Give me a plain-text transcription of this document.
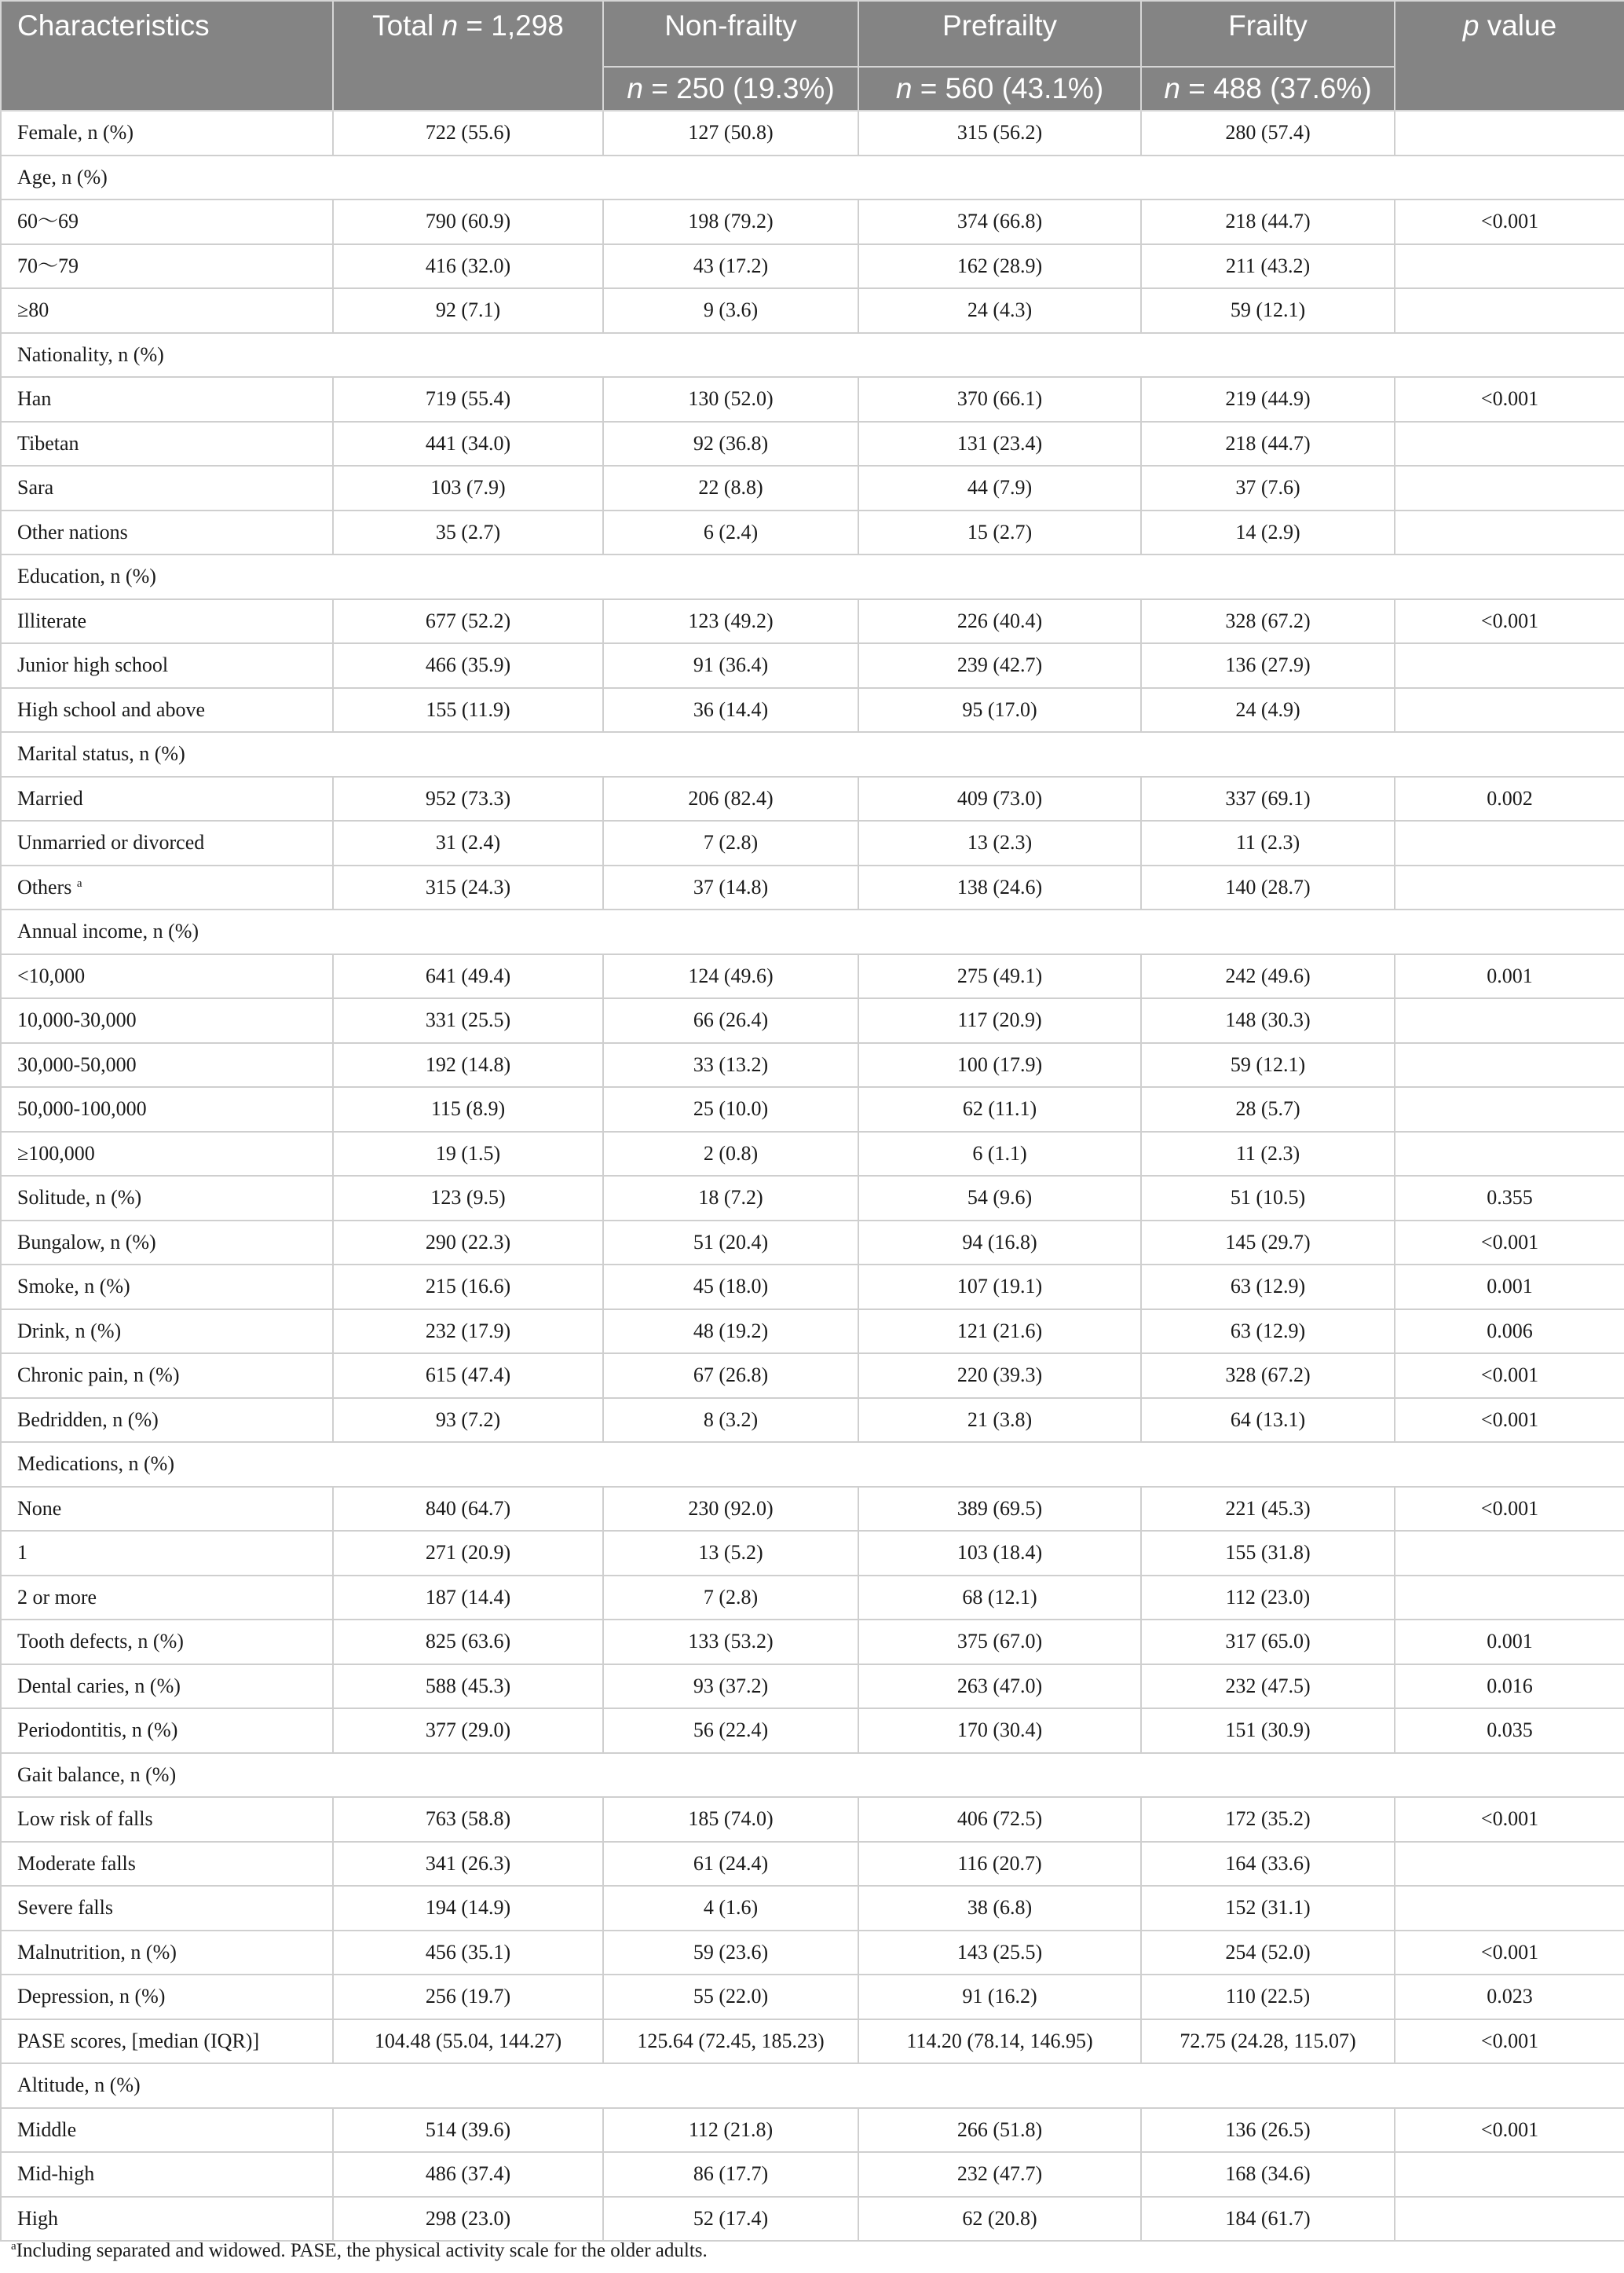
Characteristics	Total n = 1,298	Non-frailty	Prefrailty	Frailty	p value
		n = 250 (19.3%)	n = 560 (43.1%)	n = 488 (37.6%)	
Female, n (%)	722 (55.6)	127 (50.8)	315 (56.2)	280 (57.4)	
Age, n (%)					
60～69	790 (60.9)	198 (79.2)	374 (66.8)	218 (44.7)	<0.001
70～79	416 (32.0)	43 (17.2)	162 (28.9)	211 (43.2)	
≥80	92 (7.1)	9 (3.6)	24 (4.3)	59 (12.1)	
Nationality, n (%)					
Han	719 (55.4)	130 (52.0)	370 (66.1)	219 (44.9)	<0.001
Tibetan	441 (34.0)	92 (36.8)	131 (23.4)	218 (44.7)	
Sara	103 (7.9)	22 (8.8)	44 (7.9)	37 (7.6)	
Other nations	35 (2.7)	6 (2.4)	15 (2.7)	14 (2.9)	
Education, n (%)					
Illiterate	677 (52.2)	123 (49.2)	226 (40.4)	328 (67.2)	<0.001
Junior high school	466 (35.9)	91 (36.4)	239 (42.7)	136 (27.9)	
High school and above	155 (11.9)	36 (14.4)	95 (17.0)	24 (4.9)	
Marital status, n (%)					
Married	952 (73.3)	206 (82.4)	409 (73.0)	337 (69.1)	0.002
Unmarried or divorced	31 (2.4)	7 (2.8)	13 (2.3)	11 (2.3)	
Others $^a$	315 (24.3)	37 (14.8)	138 (24.6)	140 (28.7)	
Annual income, n (%)					
<10,000	641 (49.4)	124 (49.6)	275 (49.1)	242 (49.6)	0.001
10,000-30,000	331 (25.5)	66 (26.4)	117 (20.9)	148 (30.3)	
30,000-50,000	192 (14.8)	33 (13.2)	100 (17.9)	59 (12.1)	
50,000-100,000	115 (8.9)	25 (10.0)	62 (11.1)	28 (5.7)	
≥100,000	19 (1.5)	2 (0.8)	6 (1.1)	11 (2.3)	
Solitude, n (%)	123 (9.5)	18 (7.2)	54 (9.6)	51 (10.5)	0.355
Bungalow, n (%)	290 (22.3)	51 (20.4)	94 (16.8)	145 (29.7)	<0.001
Smoke, n (%)	215 (16.6)	45 (18.0)	107 (19.1)	63 (12.9)	0.001
Drink, n (%)	232 (17.9)	48 (19.2)	121 (21.6)	63 (12.9)	0.006
Chronic pain, n (%)	615 (47.4)	67 (26.8)	220 (39.3)	328 (67.2)	<0.001
Bedridden, n (%)	93 (7.2)	8 (3.2)	21 (3.8)	64 (13.1)	<0.001
Medications, n (%)					
None	840 (64.7)	230 (92.0)	389 (69.5)	221 (45.3)	<0.001
1	271 (20.9)	13 (5.2)	103 (18.4)	155 (31.8)	
2 or more	187 (14.4)	7 (2.8)	68 (12.1)	112 (23.0)	
Tooth defects, n (%)	825 (63.6)	133 (53.2)	375 (67.0)	317 (65.0)	0.001
Dental caries, n (%)	588 (45.3)	93 (37.2)	263 (47.0)	232 (47.5)	0.016
Periodontitis, n (%)	377 (29.0)	56 (22.4)	170 (30.4)	151 (30.9)	0.035
Gait balance, n (%)					
Low risk of falls	763 (58.8)	185 (74.0)	406 (72.5)	172 (35.2)	<0.001
Moderate falls	341 (26.3)	61 (24.4)	116 (20.7)	164 (33.6)	
Severe falls	194 (14.9)	4 (1.6)	38 (6.8)	152 (31.1)	
Malnutrition, n (%)	456 (35.1)	59 (23.6)	143 (25.5)	254 (52.0)	<0.001
Depression, n (%)	256 (19.7)	55 (22.0)	91 (16.2)	110 (22.5)	0.023
PASE scores, [median (IQR)]	104.48 (55.04, 144.27)	125.64 (72.45, 185.23)	114.20 (78.14, 146.95)	72.75 (24.28, 115.07)	<0.001
Altitude, n (%)					
Middle	514 (39.6)	112 (21.8)	266 (51.8)	136 (26.5)	<0.001
Mid-high	486 (37.4)	86 (17.7)	232 (47.7)	168 (34.6)	
High	298 (23.0)	52 (17.4)	62 (20.8)	184 (61.7)	
$^a$Including separated and widowed. PASE, the physical activity scale for the older adults.
